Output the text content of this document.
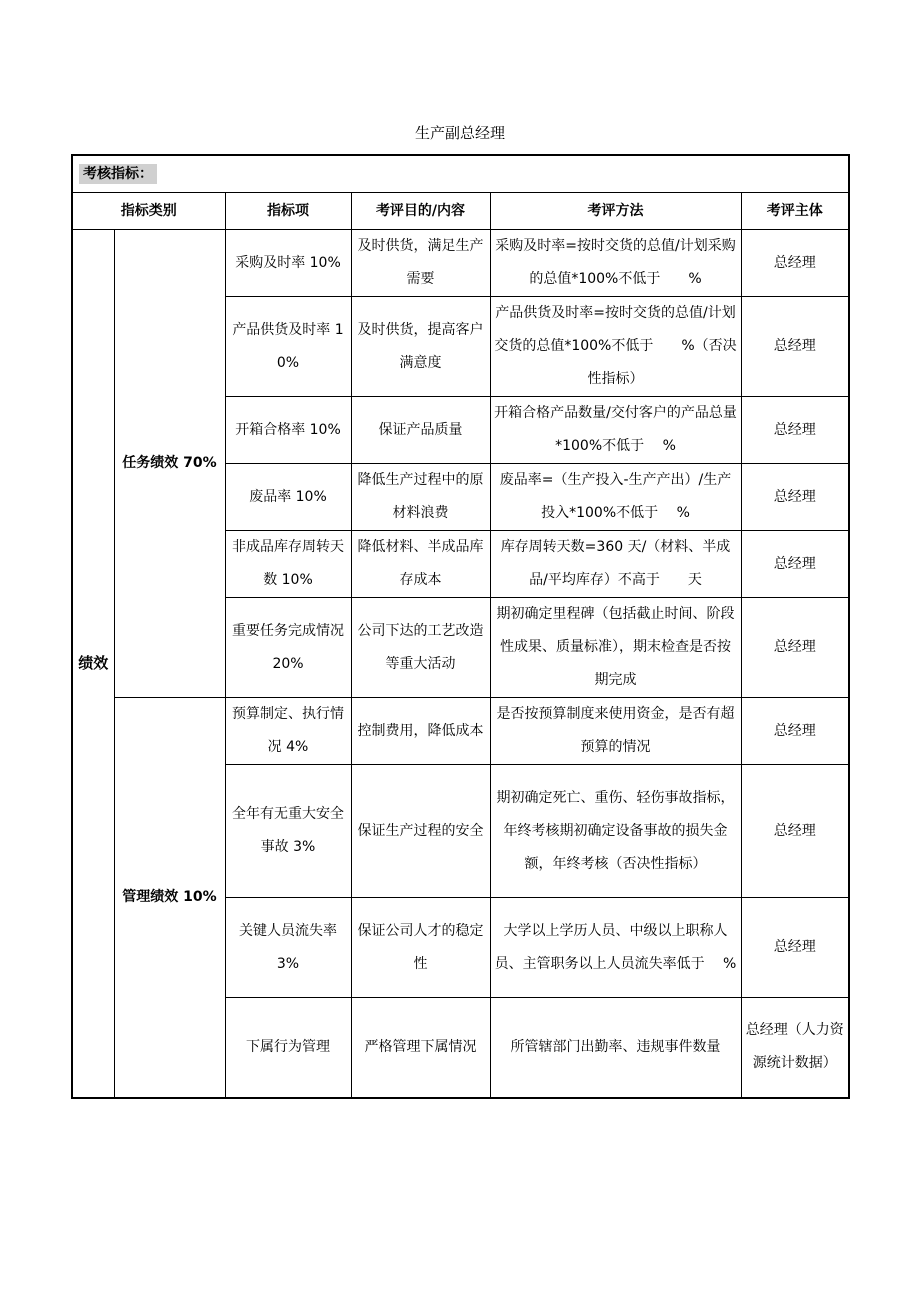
生产副总经理
考核指标：					
指标类别		指标项	考评目的/内容	考评方法	考评主体
绩效	任务绩效 70%	采购及时率 10%	及时供货，满足生产需要	采购及时率=按时交货的总值/计划采购的总值*100%不低于　　%	总经理
		产品供货及时率 10%	及时供货，提高客户满意度	产品供货及时率=按时交货的总值/计划交货的总值*100%不低于　　%（否决性指标）	总经理
		开箱合格率 10%	保证产品质量	开箱合格产品数量/交付客户的产品总量*100%不低于　 %	总经理
		废品率 10%	降低生产过程中的原材料浪费	废品率=（生产投入-生产产出）/生产投入*100%不低于　 %	总经理
		非成品库存周转天数 10%	降低材料、半成品库存成本	库存周转天数=360 天/（材料、半成品/平均库存）不高于　　天	总经理
		重要任务完成情况 20%	公司下达的工艺改造等重大活动	期初确定里程碑（包括截止时间、阶段性成果、质量标准），期末检查是否按期完成	总经理
	管理绩效 10%	预算制定、执行情况 4%	控制费用，降低成本	是否按预算制度来使用资金，是否有超预算的情况	总经理
		全年有无重大安全事故 3%	保证生产过程的安全	期初确定死亡、重伤、轻伤事故指标，年终考核期初确定设备事故的损失金额，年终考核（否决性指标）	总经理
		关键人员流失率 3%	保证公司人才的稳定性	大学以上学历人员、中级以上职称人员、主管职务以上人员流失率低于　 %	总经理
		下属行为管理	严格管理下属情况	所管辖部门出勤率、违规事件数量	总经理（人力资源统计数据）
